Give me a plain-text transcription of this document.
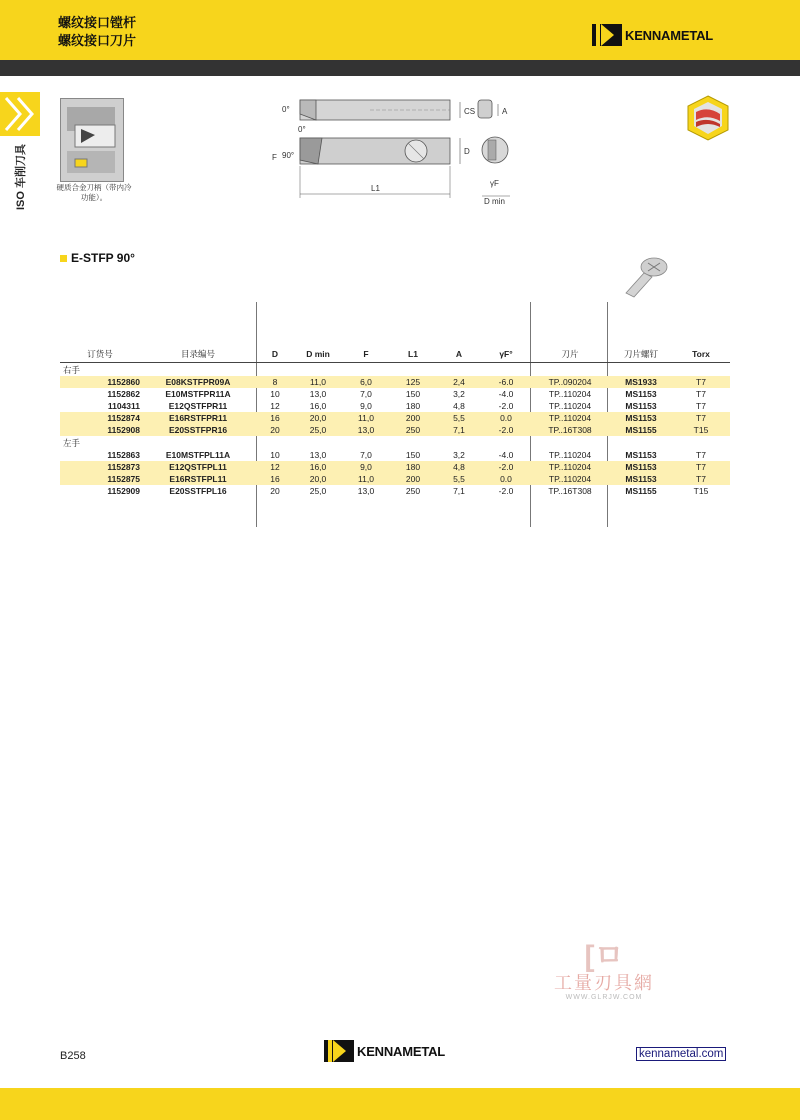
螺纹接口镗杆
螺纹接口刀片	KENNAMETAL
ISO 车削刀具	硬质合金刀柄（带内冷功能）。
0°	CS	A
0°
F 90°	D
γF
L1
D min
E-STFP 90°
订货号	目录编号	D	D min	F	L1	A	γF°	刀片	刀片螺钉	Torx
右手										
1152860	E08KSTFPR09A	8	11,0	6,0	125	2,4	-6.0	TP..090204	MS1933	T7
1152862	E10MSTFPR11A	10	13,0	7,0	150	3,2	-4.0	TP..110204	MS1153	T7
1104311	E12QSTFPR11	12	16,0	9,0	180	4,8	-2.0	TP..110204	MS1153	T7
1152874	E16RSTFPR11	16	20,0	11,0	200	5,5	0.0	TP..110204	MS1153	T7
1152908	E20SSTFPR16	20	25,0	13,0	250	7,1	-2.0	TP..16T308	MS1155	T15
左手										
1152863	E10MSTFPL11A	10	13,0	7,0	150	3,2	-4.0	TP..110204	MS1153	T7
1152873	E12QSTFPL11	12	16,0	9,0	180	4,8	-2.0	TP..110204	MS1153	T7
1152875	E16RSTFPL11	16	20,0	11,0	200	5,5	0.0	TP..110204	MS1153	T7
1152909	E20SSTFPL16	20	25,0	13,0	250	7,1	-2.0	TP..16T308	MS1155	T15
[ㅁ
工量刃具網
WWW.GLRJW.COM
B258	KENNAMETAL	kennametal.com
